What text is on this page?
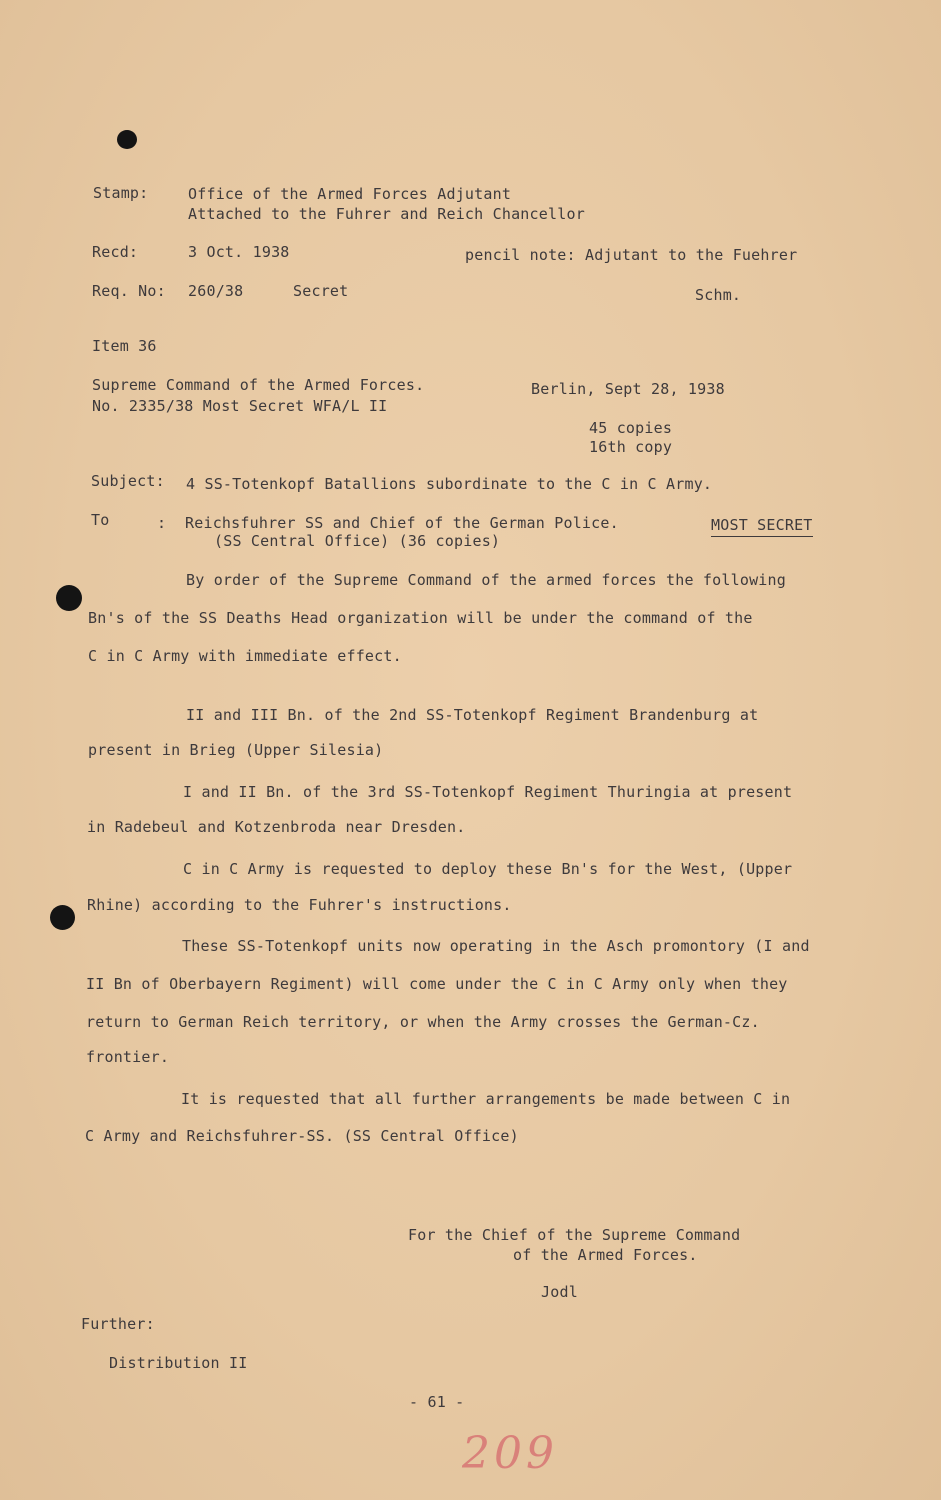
Stamp:	Office of the Armed Forces Adjutant
Attached to the Fuhrer and Reich Chancellor
Recd:	3 Oct. 1938	pencil note: Adjutant to the Fuehrer
Req. No: 260/38	Secret	Schm.
Item 36
Supreme Command of the Armed Forces.
No. 2335/38 Most Secret WFA/L II
Berlin, Sept 28, 1938
45 copies
16th copy
Subject: 4 SS-Totenkopf Batallions subordinate to the C in C Army.
To	: Reichsfuhrer SS and Chief of the German Police.
(SS Central Office) (36 copies)
MOST SECRET
By order of the Supreme Command of the armed forces the following
Bn's of the SS Deaths Head organization will be under the command of the
C in C Army with immediate effect.
II and III Bn. of the 2nd SS-Totenkopf Regiment Brandenburg at
present in Brieg (Upper Silesia)
I and II Bn. of the 3rd SS-Totenkopf Regiment Thuringia at present
in Radebeul and Kotzenbroda near Dresden.
C in C Army is requested to deploy these Bn's for the West, (Upper
Rhine) according to the Fuhrer's instructions.
These SS-Totenkopf units now operating in the Asch promontory (I and
II Bn of Oberbayern Regiment) will come under the C in C Army only when they
return to German Reich territory, or when the Army crosses the German-Cz.
frontier.
It is requested that all further arrangements be made between C in
C Army and Reichsfuhrer-SS. (SS Central Office)
For the Chief of the Supreme Command
of the Armed Forces.
Jodl
Further:
Distribution II
- 61 -
209
